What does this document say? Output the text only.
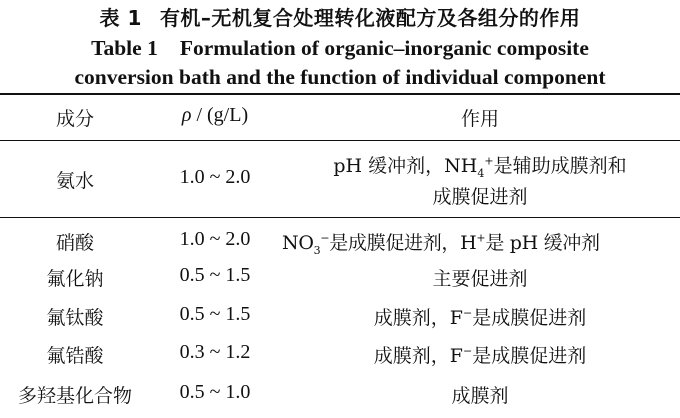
表 1 有机–无机复合处理转化液配方及各组分的作用
Table 1 Formulation of organic–inorganic composite
conversion bath and the function of individual component
成分	ρ / (g/L)	作用
氨水	1.0 ~ 2.0	pH 缓冲剂，$NH_4^+$是辅助成膜剂和
成膜促进剂
硝酸	1.0 ~ 2.0	$NO_3^-$是成膜促进剂，H+是 pH 缓冲剂
氟化钠	0.5 ~ 1.5	主要促进剂
氟钛酸	0.5 ~ 1.5	成膜剂，F−是成膜促进剂
氟锆酸	0.3 ~ 1.2	成膜剂，F−是成膜促进剂
多羟基化合物	0.5 ~ 1.0	成膜剂
